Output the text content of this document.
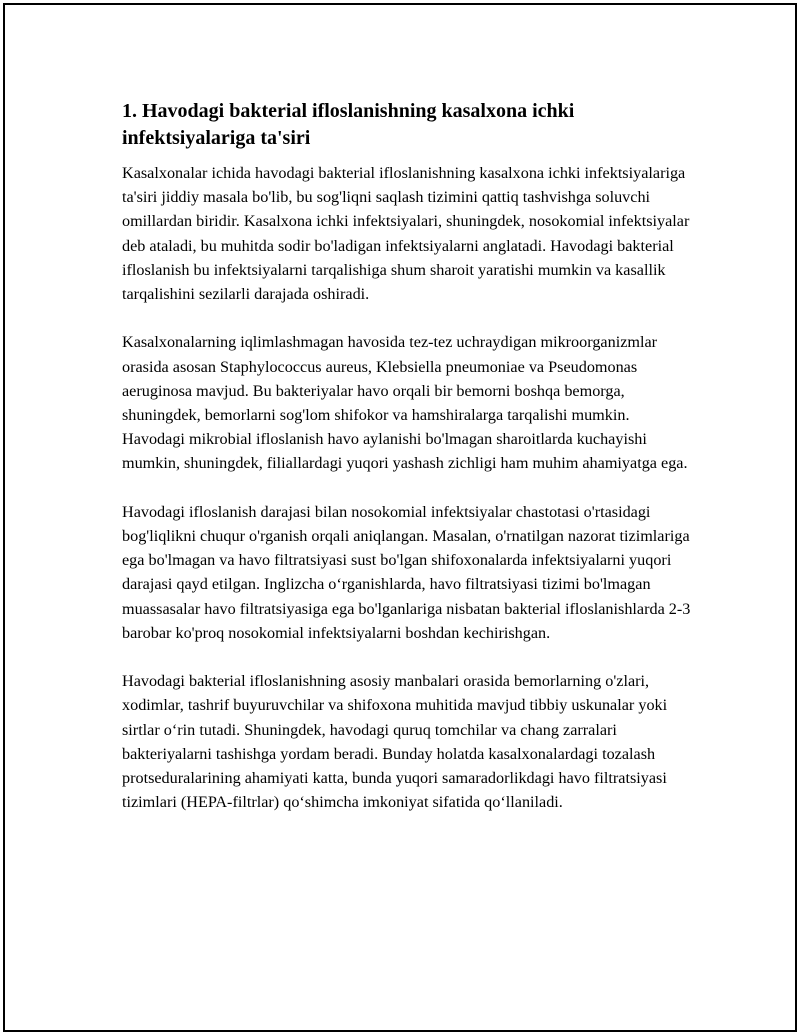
1. Havodagi bakterial ifloslanishning kasalxona ichki infektsiyalariga ta'siri

Kasalxonalar ichida havodagi bakterial ifloslanishning kasalxona ichki infektsiyalariga ta'siri jiddiy masala bo'lib, bu sog'liqni saqlash tizimini qattiq tashvishga soluvchi omillardan biridir. Kasalxona ichki infektsiyalari, shuningdek, nosokomial infektsiyalar deb ataladi, bu muhitda sodir bo'ladigan infektsiyalarni anglatadi. Havodagi bakterial ifloslanish bu infektsiyalarni tarqalishiga shum sharoit yaratishi mumkin va kasallik tarqalishini sezilarli darajada oshiradi.

Kasalxonalarning iqlimlashmagan havosida tez-tez uchraydigan mikroorganizmlar orasida asosan Staphylococcus aureus, Klebsiella pneumoniae va Pseudomonas aeruginosa mavjud. Bu bakteriyalar havo orqali bir bemorni boshqa bemorga, shuningdek, bemorlarni sog'lom shifokor va hamshiralarga tarqalishi mumkin. Havodagi mikrobial ifloslanish havo aylanishi bo'lmagan sharoitlarda kuchayishi mumkin, shuningdek, filiallardagi yuqori yashash zichligi ham muhim ahamiyatga ega.

Havodagi ifloslanish darajasi bilan nosokomial infektsiyalar chastotasi o'rtasidagi bog'liqlikni chuqur o'rganish orqali aniqlangan. Masalan, o'rnatilgan nazorat tizimlariga ega bo'lmagan va havo filtratsiyasi sust bo'lgan shifoxonalarda infektsiyalarni yuqori darajasi qayd etilgan. Inglizcha o‘rganishlarda, havo filtratsiyasi tizimi bo'lmagan muassasalar havo filtratsiyasiga ega bo'lganlariga nisbatan bakterial ifloslanishlarda 2-3 barobar ko'proq nosokomial infektsiyalarni boshdan kechirishgan.

Havodagi bakterial ifloslanishning asosiy manbalari orasida bemorlarning o'zlari, xodimlar, tashrif buyuruvchilar va shifoxona muhitida mavjud tibbiy uskunalar yoki sirtlar o‘rin tutadi. Shuningdek, havodagi quruq tomchilar va chang zarralari bakteriyalarni tashishga yordam beradi. Bunday holatda kasalxonalardagi tozalash protseduralarining ahamiyati katta, bunda yuqori samaradorlikdagi havo filtratsiyasi tizimlari (HEPA-filtrlar) qo‘shimcha imkoniyat sifatida qo‘llaniladi.
